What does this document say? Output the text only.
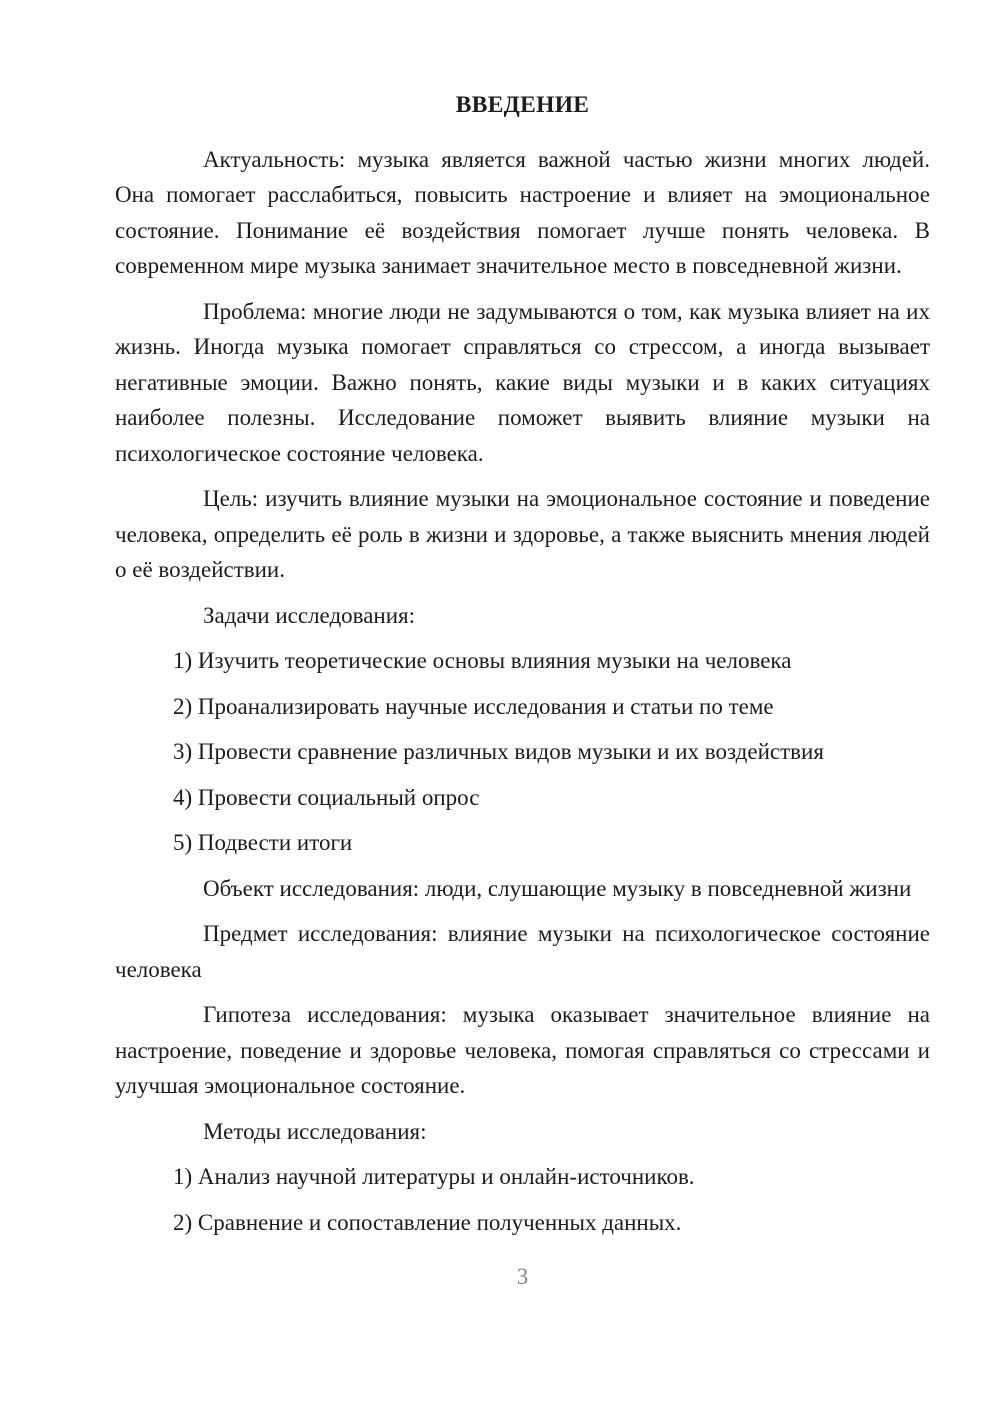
ВВЕДЕНИЕ

Актуальность: музыка является важной частью жизни многих людей. Она помогает расслабиться, повысить настроение и влияет на эмоциональное состояние. Понимание её воздействия помогает лучше понять человека. В современном мире музыка занимает значительное место в повседневной жизни.

Проблема: многие люди не задумываются о том, как музыка влияет на их жизнь. Иногда музыка помогает справляться со стрессом, а иногда вызывает негативные эмоции. Важно понять, какие виды музыки и в каких ситуациях наиболее полезны. Исследование поможет выявить влияние музыки на психологическое состояние человека.

Цель: изучить влияние музыки на эмоциональное состояние и поведение человека, определить её роль в жизни и здоровье, а также выяснить мнения людей о её воздействии.

Задачи исследования:

1) Изучить теоретические основы влияния музыки на человека

2) Проанализировать научные исследования и статьи по теме

3) Провести сравнение различных видов музыки и их воздействия

4) Провести социальный опрос

5) Подвести итоги

Объект исследования: люди, слушающие музыку в повседневной жизни

Предмет исследования: влияние музыки на психологическое состояние человека

Гипотеза исследования: музыка оказывает значительное влияние на настроение, поведение и здоровье человека, помогая справляться со стрессами и улучшая эмоциональное состояние.

Методы исследования:

1) Анализ научной литературы и онлайн-источников.

2) Сравнение и сопоставление полученных данных.

3
